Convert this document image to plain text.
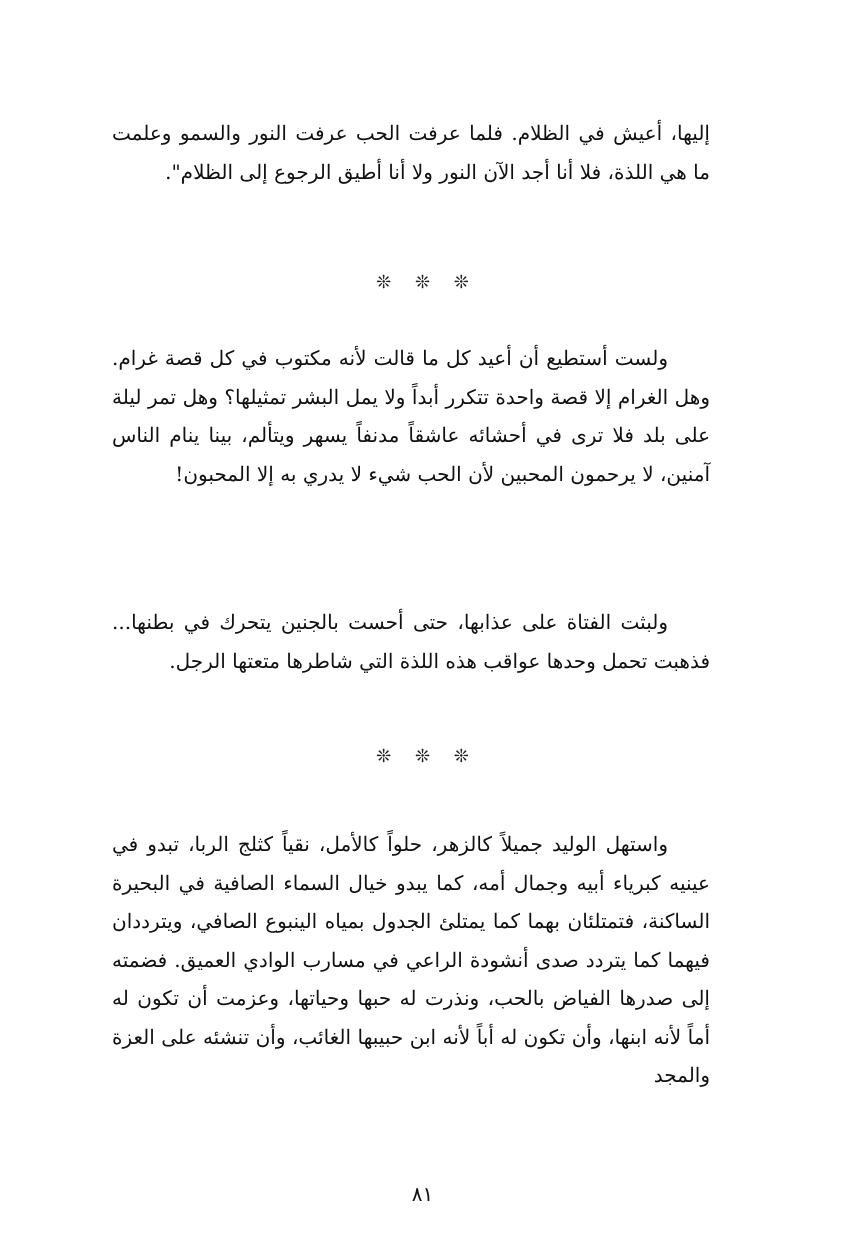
إليها، أعيش في الظلام. فلما عرفت الحب عرفت النور والسمو وعلمت ما هي اللذة، فلا أنا أجد الآن النور ولا أنا أطيق الرجوع إلى الظلام".

❊ ❊ ❊

ولست أستطيع أن أعيد كل ما قالت لأنه مكتوب في كل قصة غرام. وهل الغرام إلا قصة واحدة تتكرر أبداً ولا يمل البشر تمثيلها؟ وهل تمر ليلة على بلد فلا ترى في أحشائه عاشقاً مدنفاً يسهر ويتألم، بينا ينام الناس آمنين، لا يرحمون المحبين لأن الحب شيء لا يدري به إلا المحبون!

ولبثت الفتاة على عذابها، حتى أحست بالجنين يتحرك في بطنها... فذهبت تحمل وحدها عواقب هذه اللذة التي شاطرها متعتها الرجل.

❊ ❊ ❊

واستهل الوليد جميلاً كالزهر، حلواً كالأمل، نقياً كثلج الربا، تبدو في عينيه كبرياء أبيه وجمال أمه، كما يبدو خيال السماء الصافية في البحيرة الساكنة، فتمتلئان بهما كما يمتلئ الجدول بمياه الينبوع الصافي، ويترددان فيهما كما يتردد صدى أنشودة الراعي في مسارب الوادي العميق. فضمته إلى صدرها الفياض بالحب، ونذرت له حبها وحياتها، وعزمت أن تكون له أماً لأنه ابنها، وأن تكون له أباً لأنه ابن حبيبها الغائب، وأن تنشئه على العزة والمجد

٨١
